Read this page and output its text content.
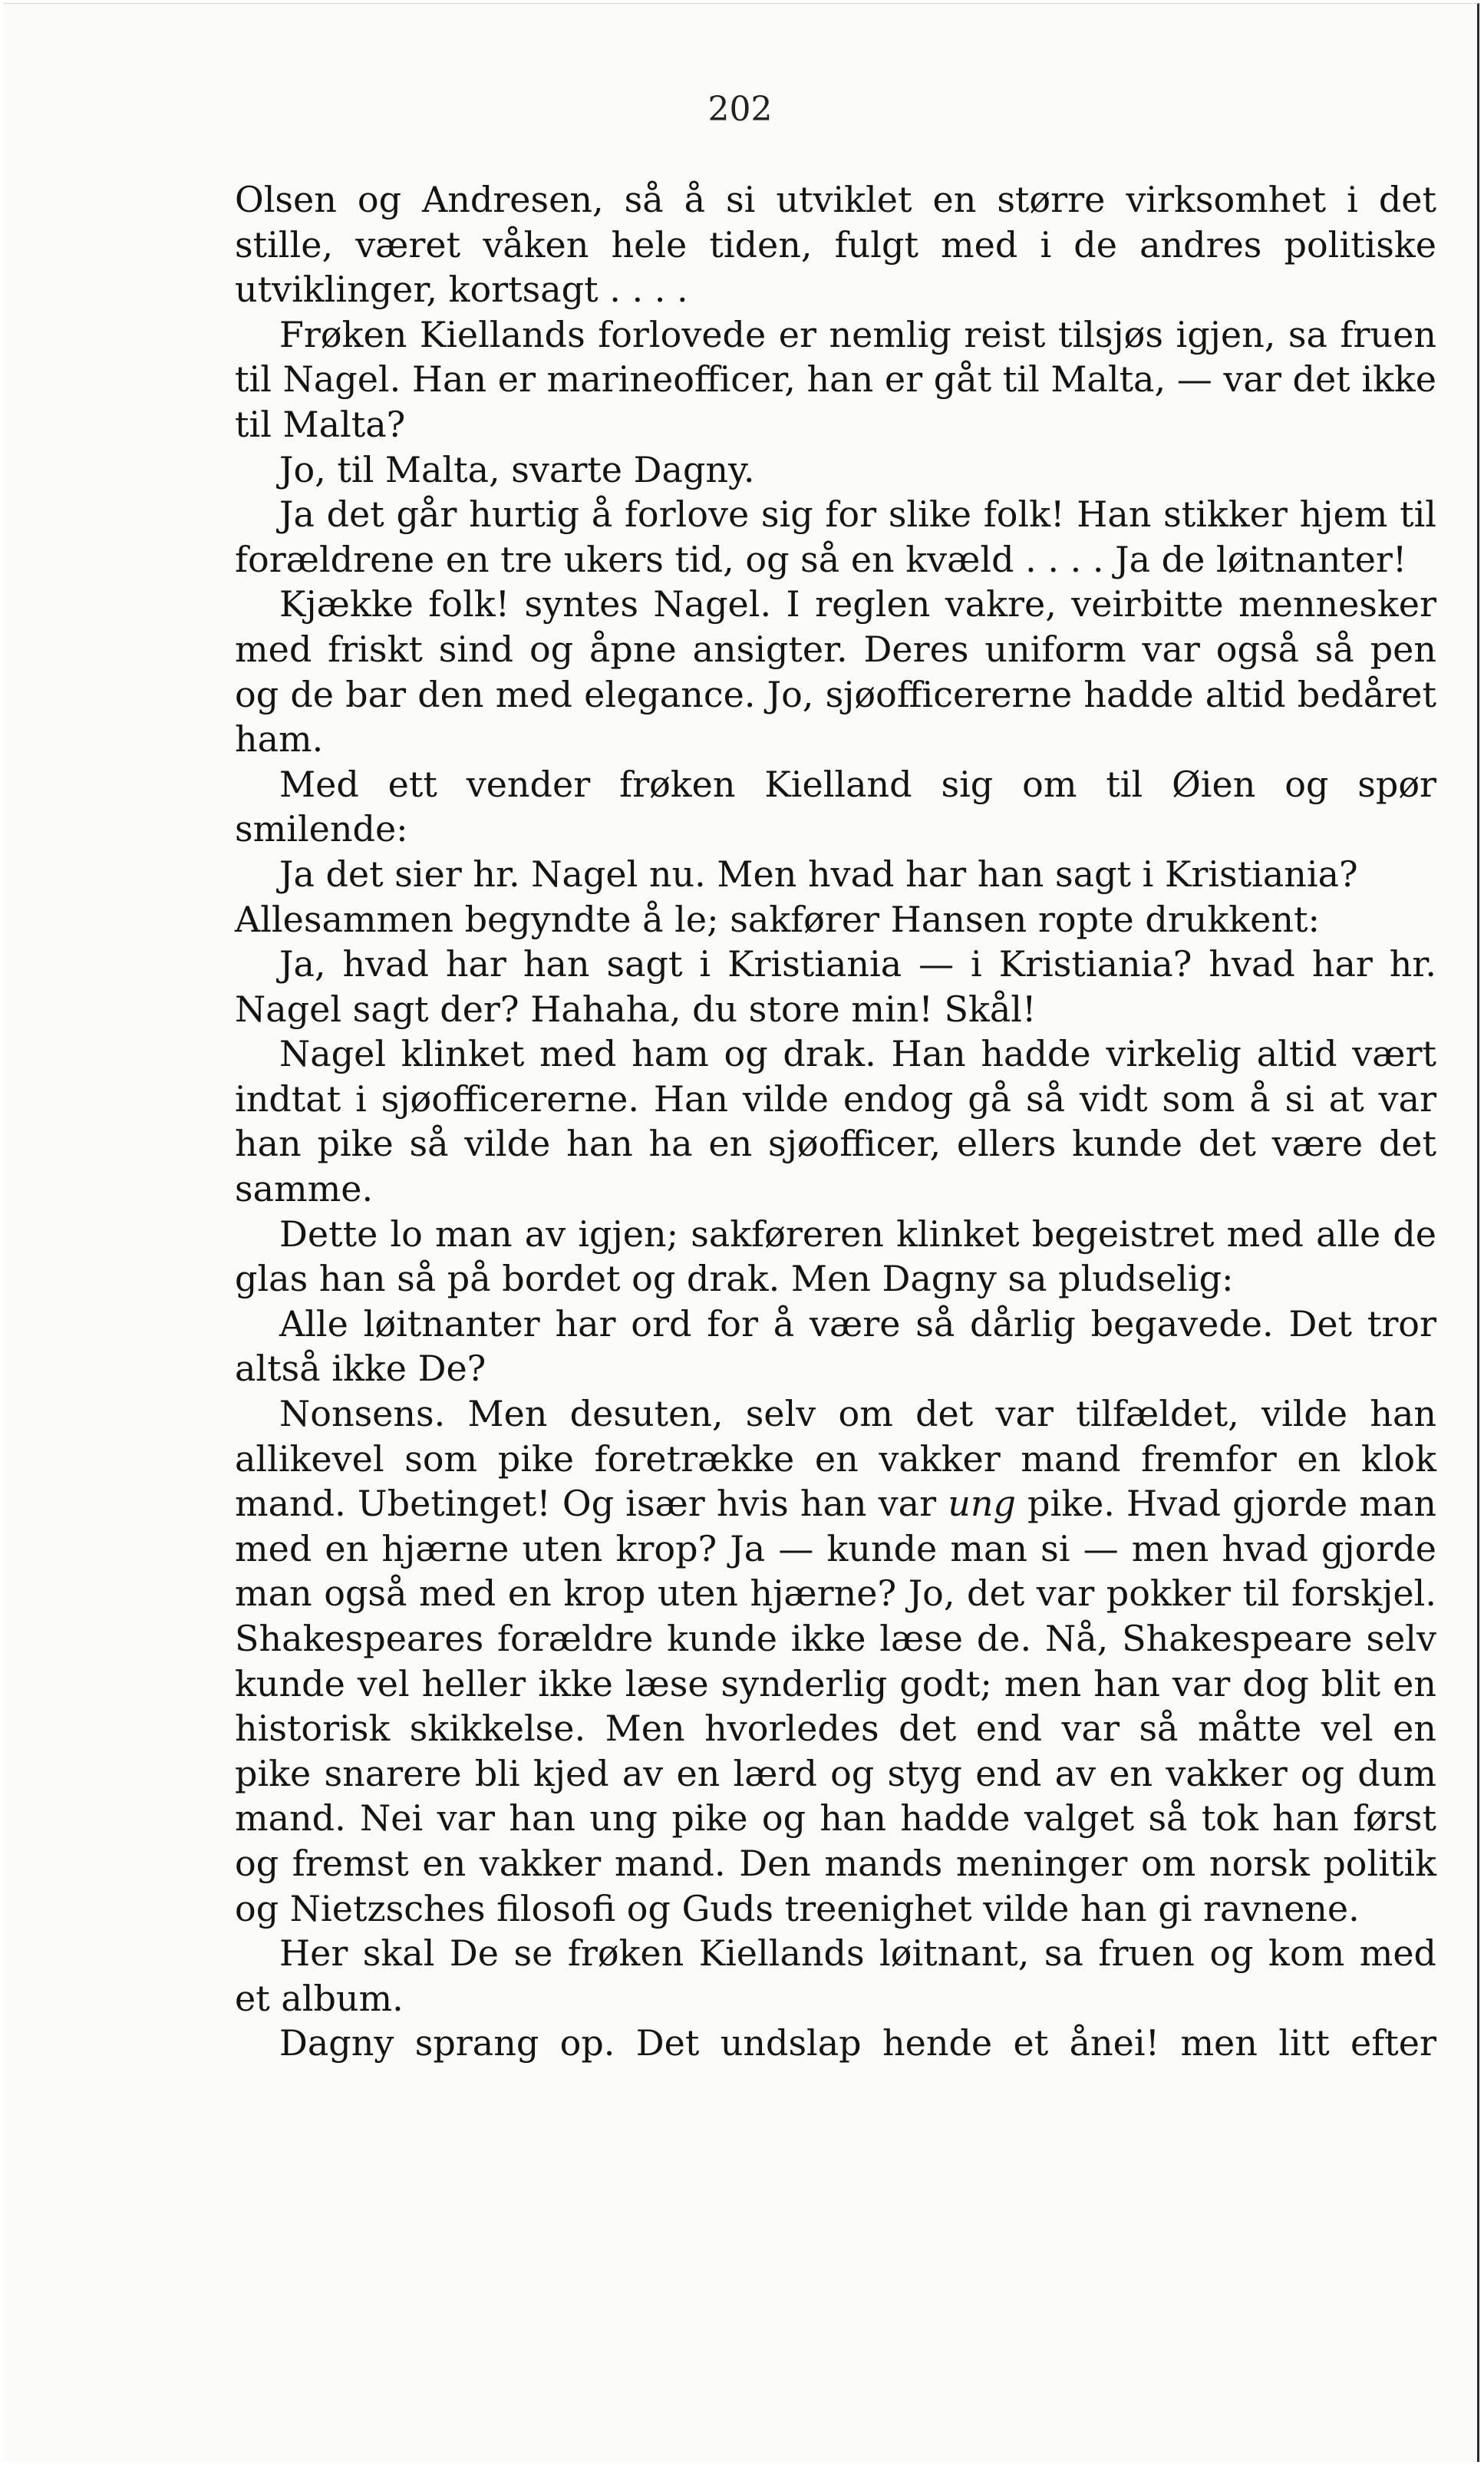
202

Olsen og Andresen, så å si utviklet en større virksomhet i det stille, været våken hele tiden, fulgt med i de andres politiske utviklinger, kortsagt . . . .

Frøken Kiellands forlovede er nemlig reist tilsjøs igjen, sa fruen til Nagel. Han er marineofficer, han er gåt til Malta, — var det ikke til Malta?

Jo, til Malta, svarte Dagny.

Ja det går hurtig å forlove sig for slike folk! Han stikker hjem til forældrene en tre ukers tid, og så en kvæld . . . . Ja de løitnanter!

Kjække folk! syntes Nagel. I reglen vakre, veirbitte mennesker med friskt sind og åpne ansigter. Deres uniform var også så pen og de bar den med elegance. Jo, sjøofficererne hadde altid bedåret ham.

Med ett vender frøken Kielland sig om til Øien og spør smilende:

Ja det sier hr. Nagel nu. Men hvad har han sagt i Kristiania?

Allesammen begyndte å le; sakfører Hansen ropte drukkent:

Ja, hvad har han sagt i Kristiania — i Kristiania? hvad har hr. Nagel sagt der? Hahaha, du store min! Skål!

Nagel klinket med ham og drak. Han hadde virkelig altid vært indtat i sjøofficererne. Han vilde endog gå så vidt som å si at var han pike så vilde han ha en sjøofficer, ellers kunde det være det samme.

Dette lo man av igjen; sakføreren klinket begeistret med alle de glas han så på bordet og drak. Men Dagny sa pludselig:

Alle løitnanter har ord for å være så dårlig begavede. Det tror altså ikke De?

Nonsens. Men desuten, selv om det var tilfældet, vilde han allikevel som pike foretrække en vakker mand fremfor en klok mand. Ubetinget! Og især hvis han var ung pike. Hvad gjorde man med en hjærne uten krop? Ja — kunde man si — men hvad gjorde man også med en krop uten hjærne? Jo, det var pokker til forskjel. Shakespeares forældre kunde ikke læse de. Nå, Shakespeare selv kunde vel heller ikke læse synderlig godt; men han var dog blit en historisk skikkelse. Men hvorledes det end var så måtte vel en pike snarere bli kjed av en lærd og styg end av en vakker og dum mand. Nei var han ung pike og han hadde valget så tok han først og fremst en vakker mand. Den mands meninger om norsk politik og Nietzsches filosofi og Guds treenighet vilde han gi ravnene.

Her skal De se frøken Kiellands løitnant, sa fruen og kom med et album.

Dagny sprang op. Det undslap hende et ånei! men litt efter
